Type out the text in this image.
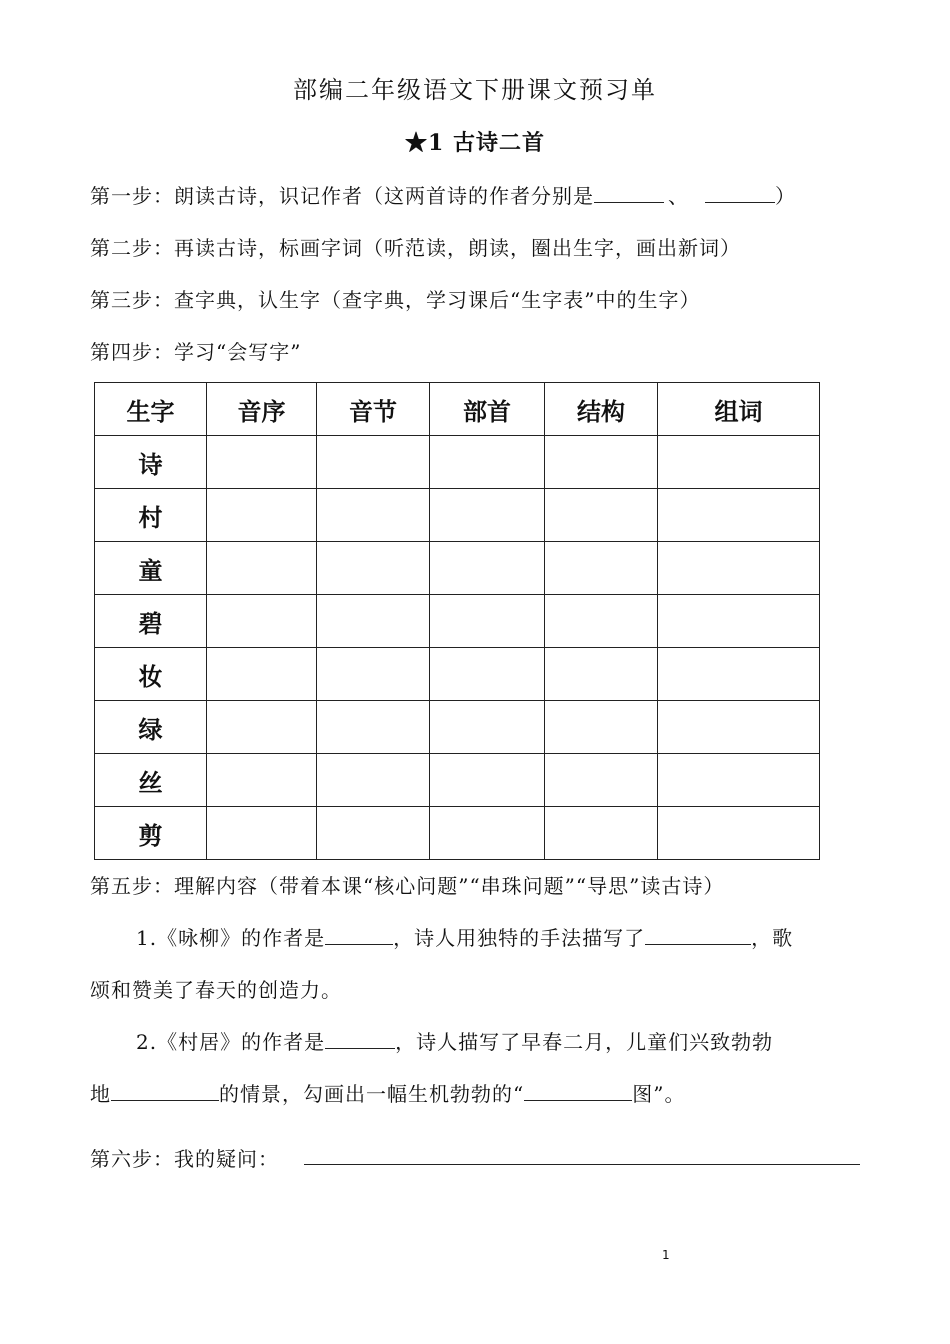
部编二年级语文下册课文预习单
★1 古诗二首
第一步：朗读古诗，识记作者（这两首诗的作者分别是	、	）
第二步：再读古诗，标画字词（听范读，朗读，圈出生字，画出新词）
第三步：查字典，认生字（查字典，学习课后“生字表”中的生字）
第四步：学习“会写字”
生字	音序	音节	部首	结构	组词
诗					
村					
童					
碧					
妆					
绿					
丝					
剪					
第五步：理解内容（带着本课“核心问题”“串珠问题”“导思”读古诗）
1.《咏柳》的作者是	，诗人用独特的手法描写了	，歌
颂和赞美了春天的创造力。
2.《村居》的作者是	，诗人描写了早春二月，儿童们兴致勃勃
地	的情景，勾画出一幅生机勃勃的“	图”。
第六步：我的疑问：
1
